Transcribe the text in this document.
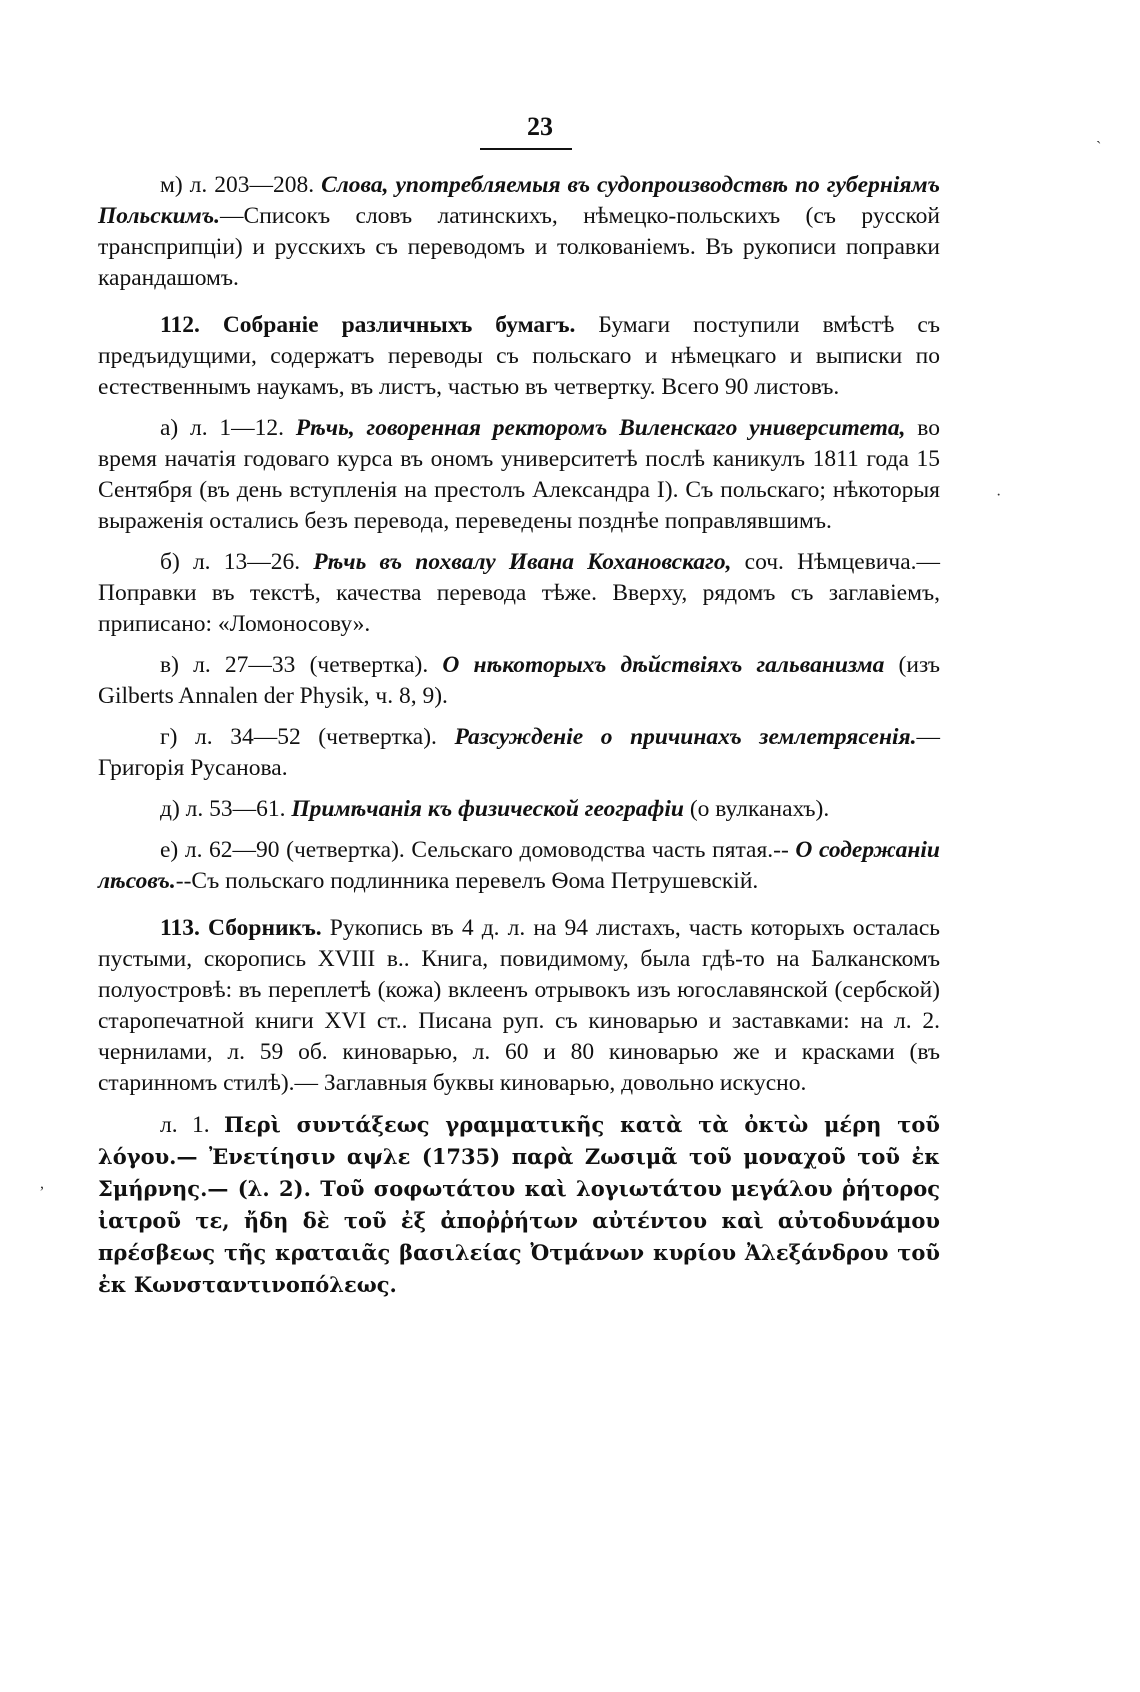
23

м) л. 203—208. Слова, употребляемыя въ судопроизводствѣ по губерніямъ Польскимъ.—Списокъ словъ латинскихъ, нѣмецко-польскихъ (съ русской трансприпціи) и русскихъ съ переводомъ и толкованіемъ. Въ рукописи поправки карандашомъ.

112. Собраніе различныхъ бумагъ. Бумаги поступили вмѣстѣ съ предъидущими, содержатъ переводы съ польскаго и нѣмецкаго и выписки по естественнымъ наукамъ, въ листъ, частью въ четвертку. Всего 90 листовъ.

а) л. 1—12. Рѣчь, говоренная ректоромъ Виленскаго университета, во время начатія годоваго курса въ ономъ университетѣ послѣ каникулъ 1811 года 15 Сентября (въ день вступленія на престолъ Александра I). Съ польскаго; нѣкоторыя выраженія остались безъ перевода, переведены позднѣе поправлявшимъ.

б) л. 13—26. Рѣчь въ похвалу Ивана Кохановскаго, соч. Нѣмцевича.—Поправки въ текстѣ, качества перевода тѣже. Вверху, рядомъ съ заглавіемъ, приписано: «Ломоносову».

в) л. 27—33 (четвертка). О нѣкоторыхъ дѣйствіяхъ гальванизма (изъ Gilberts Annalen der Physik, ч. 8, 9).

г) л. 34—52 (четвертка). Разсужденіе о причинахъ землетрясенія.—Григорія Русанова.

д) л. 53—61. Примѣчанія къ физической географіи (о вулканахъ).

е) л. 62—90 (четвертка). Сельскаго домоводства часть пятая.-- О содержаніи лѣсовъ.--Съ польскаго подлинника перевелъ Ѳома Петрушевскій.

113. Сборникъ. Рукопись въ 4 д. л. на 94 листахъ, часть которыхъ осталась пустыми, скоропись XVIII в.. Книга, повидимому, была гдѣ-то на Балканскомъ полуостровѣ: въ переплетѣ (кожа) вклеенъ отрывокъ изъ югославянской (сербской) старопечатной книги XVI ст.. Писана руп. съ киноварью и заставками: на л. 2. чернилами, л. 59 об. киноварью, л. 60 и 80 киноварью же и красками (въ старинномъ стилѣ).— Заглавныя буквы киноварью, довольно искусно.

л. 1. Περὶ συντάξεως γραμματικῆς κατὰ τὰ ὀκτὼ μέρη τοῦ λόγου.— Ἐνετίησιν αψλε (1735) παρὰ Ζωσιμᾶ τοῦ μοναχοῦ τοῦ ἐκ Σμήρνης.— (λ. 2). Τοῦ σοφωτάτου καὶ λογιωτάτου μεγάλου ῥήτορος ἰατροῦ τε, ἤδη δὲ τοῦ ἐξ ἀποῤῥήτων αὐτέντου καὶ αὐτοδυνάμου πρέσβεως τῆς κραταιᾶς βασιλείας Ὀτμάνων κυρίου Ἀλεξάνδρου τοῦ ἐκ Κωνσταντινοπόλεως.

`
·
,
